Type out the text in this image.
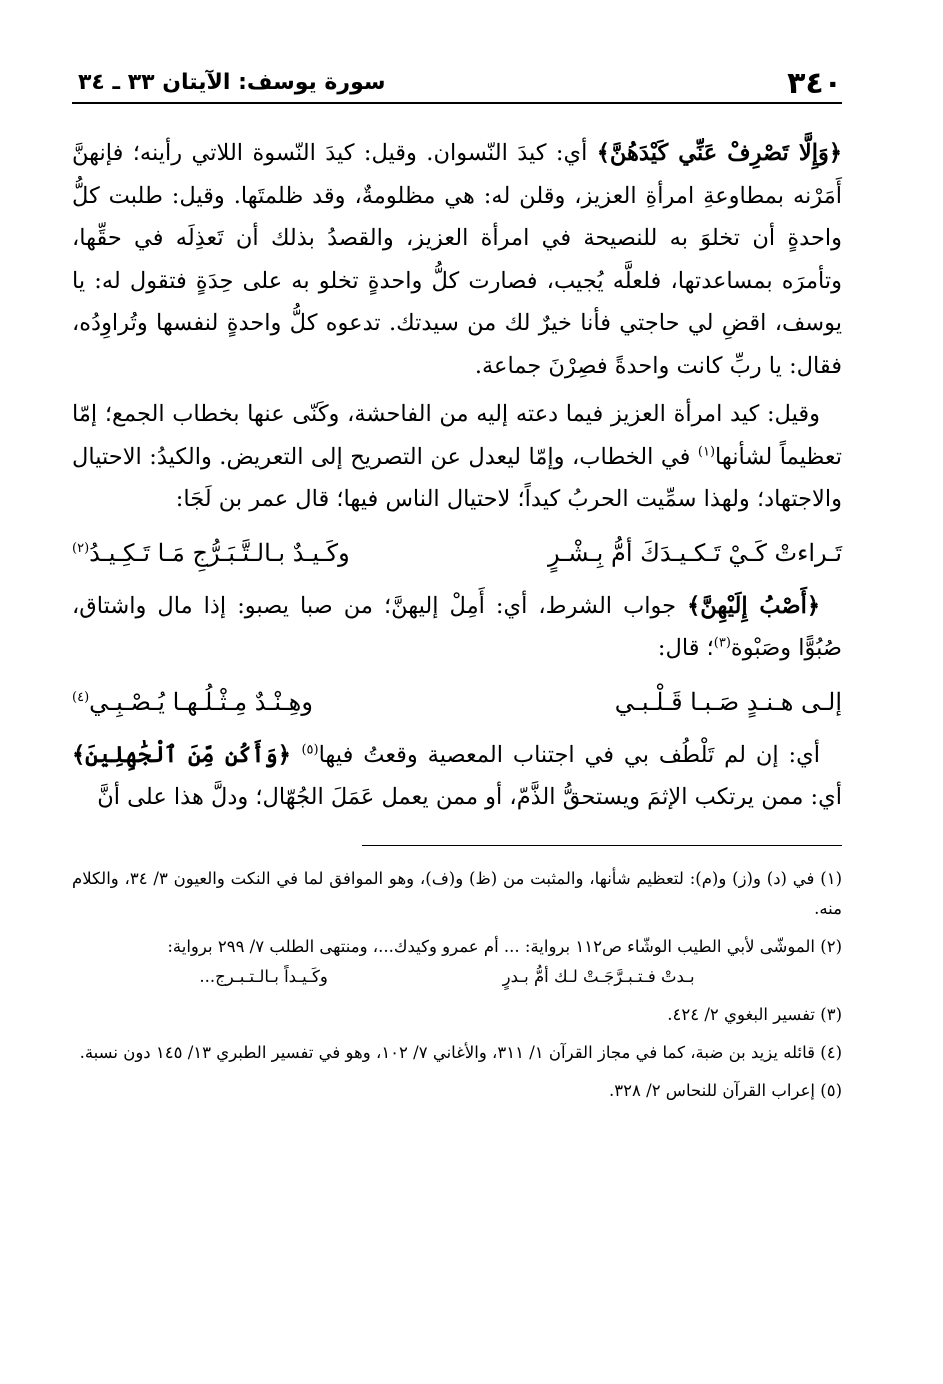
٣٤٠
سورة يوسف: الآيتان ٣٣ ـ ٣٤

﴿وَإِلَّا تَصْرِفْ عَنِّي كَيْدَهُنَّ﴾ أي: كيدَ النّسوان. وقيل: كيدَ النّسوة اللاتي رأينه؛ فإنهنَّ أَمَرْنه بمطاوعةِ امرأةِ العزيز، وقلن له: هي مظلومةٌ، وقد ظلمتَها. وقيل: طلبت كلُّ واحدةٍ أن تخلوَ به للنصيحة في امرأة العزيز، والقصدُ بذلك أن تَعذِلَه في حقِّها، وتأمرَه بمساعدتها، فلعلَّه يُجيب، فصارت كلُّ واحدةٍ تخلو به على حِدَةٍ فتقول له: يا يوسف، اقضِ لي حاجتي فأنا خيرٌ لك من سيدتك. تدعوه كلُّ واحدةٍ لنفسها وتُراوِدُه، فقال: يا ربِّ كانت واحدةً فصِرْنَ جماعة.

وقيل: كيد امرأة العزيز فيما دعته إليه من الفاحشة، وكَنّى عنها بخطاب الجمع؛ إمّا تعظيماً لشأنها$^{(١)}$ في الخطاب، وإمّا ليعدل عن التصريح إلى التعريض. والكيدُ: الاحتيال والاجتهاد؛ ولهذا سمِّيت الحربُ كيداً؛ لاحتيال الناس فيها؛ قال عمر بن لَجَا:

تَـراءتْ كَـيْ تَـكـيـدَكَ أمُّ بِـشْـرٍ
وكَـيـدٌ بـالـتَّـبَـرُّجِ مَـا تَـكِـيـدُ$^{(٢)}$

﴿أَصْبُ إِلَيْهِنَّ﴾ جواب الشرط، أي: أَمِلْ إليهنَّ؛ من صبا يصبو: إذا مال واشتاق، صُبُوًّا وصَبْوة$^{(٣)}$؛ قال:

إلـى هـنـدٍ صَـبـا قَـلْـبـي
وهِـنْـدٌ مِـثْـلُـهـا يُـصْـبِـي$^{(٤)}$

أي: إن لم تَلْطُف بي في اجتناب المعصية وقعتُ فيها$^{(٥)}$ ﴿وَأَكُن مِّنَ ٱلْجَٰهِلِينَ﴾ أي: ممن يرتكب الإثمَ ويستحقُّ الذَّمّ، أو ممن يعمل عَمَلَ الجُهّال؛ ودلَّ هذا على أنَّ

(١) في (د) و(ز) و(م): لتعظيم شأنها، والمثبت من (ظ) و(ف)، وهو الموافق لما في النكت والعيون ٣/ ٣٤، والكلام منه.

(٢) الموشّى لأبي الطيب الوشّاء ص١١٢ برواية: ... أم عمرو وكيدك...، ومنتهى الطلب ٧/ ٢٩٩ برواية:

بـدتْ فـتـبـرَّجَـتْ لـك أمُّ بـدرٍ
وكَـيـداً بـالـتـبـرج...

(٣) تفسير البغوي ٢/ ٤٢٤.

(٤) قائله يزيد بن ضبة، كما في مجاز القرآن ١/ ٣١١، والأغاني ٧/ ١٠٢، وهو في تفسير الطبري ١٣/ ١٤٥ دون نسبة.

(٥) إعراب القرآن للنحاس ٢/ ٣٢٨.
